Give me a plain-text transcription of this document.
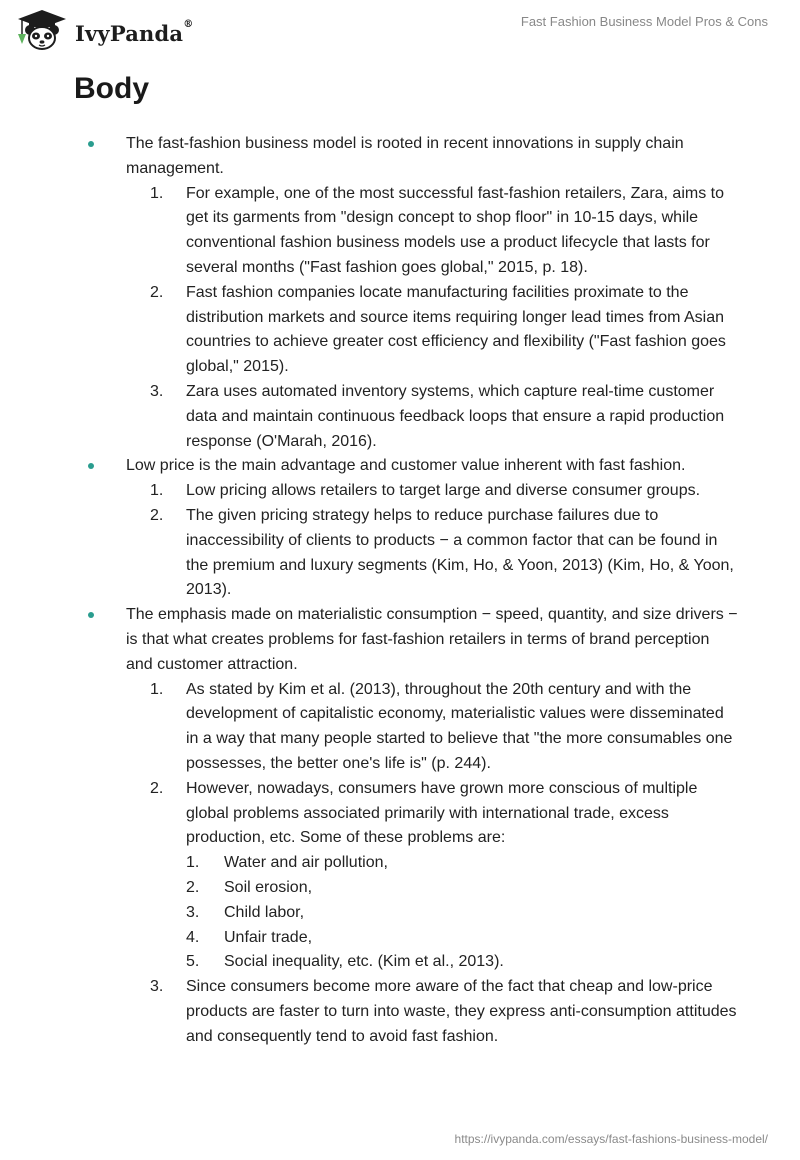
IvyPanda®	Fast Fashion Business Model Pros & Cons
Body
The fast-fashion business model is rooted in recent innovations in supply chain management.
1. For example, one of the most successful fast-fashion retailers, Zara, aims to get its garments from "design concept to shop floor" in 10-15 days, while conventional fashion business models use a product lifecycle that lasts for several months ("Fast fashion goes global," 2015, p. 18).
2. Fast fashion companies locate manufacturing facilities proximate to the distribution markets and source items requiring longer lead times from Asian countries to achieve greater cost efficiency and flexibility ("Fast fashion goes global," 2015).
3. Zara uses automated inventory systems, which capture real-time customer data and maintain continuous feedback loops that ensure a rapid production response (O'Marah, 2016).
Low price is the main advantage and customer value inherent with fast fashion.
1. Low pricing allows retailers to target large and diverse consumer groups.
2. The given pricing strategy helps to reduce purchase failures due to inaccessibility of clients to products − a common factor that can be found in the premium and luxury segments (Kim, Ho, & Yoon, 2013) (Kim, Ho, & Yoon, 2013).
The emphasis made on materialistic consumption − speed, quantity, and size drivers − is that what creates problems for fast-fashion retailers in terms of brand perception and customer attraction.
1. As stated by Kim et al. (2013), throughout the 20th century and with the development of capitalistic economy, materialistic values were disseminated in a way that many people started to believe that "the more consumables one possesses, the better one's life is" (p. 244).
2. However, nowadays, consumers have grown more conscious of multiple global problems associated primarily with international trade, excess production, etc. Some of these problems are:
1. Water and air pollution,
2. Soil erosion,
3. Child labor,
4. Unfair trade,
5. Social inequality, etc. (Kim et al., 2013).
3. Since consumers become more aware of the fact that cheap and low-price products are faster to turn into waste, they express anti-consumption attitudes and consequently tend to avoid fast fashion.
https://ivypanda.com/essays/fast-fashions-business-model/
